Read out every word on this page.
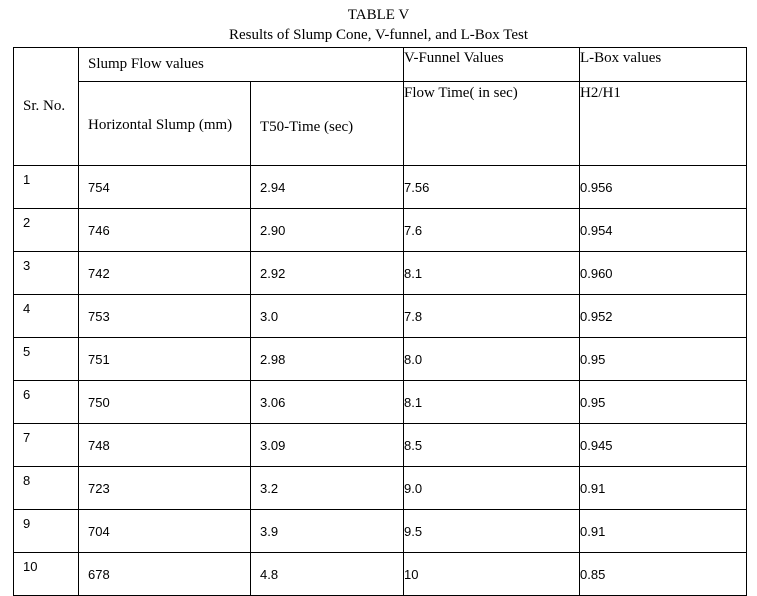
TABLE V
Results of Slump Cone, V-funnel, and L-Box Test
Sr. No.	Slump Flow values		V-Funnel Values	L-Box values
	Horizontal Slump (mm)	T50-Time (sec)	Flow Time( in sec)	H2/H1
1	754	2.94	7.56	0.956
2	746	2.90	7.6	0.954
3	742	2.92	8.1	0.960
4	753	3.0	7.8	0.952
5	751	2.98	8.0	0.95
6	750	3.06	8.1	0.95
7	748	3.09	8.5	0.945
8	723	3.2	9.0	0.91
9	704	3.9	9.5	0.91
10	678	4.8	10	0.85
